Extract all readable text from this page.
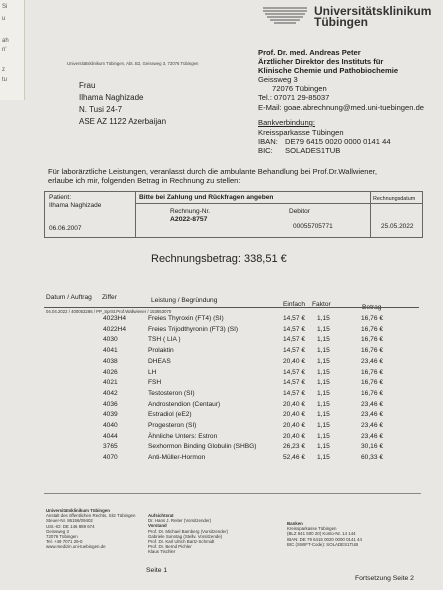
Si
u
ah
n'
z
tu
Universitätsklinikum
Tübingen
Universitätsklinikum Tübingen, Abt. B2, Geissweg 3, 72076 Tübingen
Frau
Ilhama Naghizade
N. Tusi 24-7
ASE AZ 1122 Azerbaijan
Prof. Dr. med. Andreas Peter
Ärztlicher Direktor des Instituts für
Klinische Chemie und Pathobiochemie
Geissweg 3
72076 Tübingen
Tel.: 07071 29-85037
E-Mail: goae.abrechnung@med.uni-tuebingen.de
Bankverbindung:
Kreissparkasse Tübingen
IBAN: DE79 6415 0020 0000 0141 44
BIC: SOLADES1TUB
Für laborärztliche Leistungen, veranlasst durch die ambulante Behandlung bei Prof.Dr.Wallwiener,
erlaube ich mir, folgenden Betrag in Rechnung zu stellen:
Patient:
Ilhama Naghizade
06.06.2007
Bitte bei Zahlung und Rückfragen angeben
Rechnung-Nr.
A2022-8757
Debitor
00055705771
Rechnungsdatum
25.05.2022
Rechnungsbetrag: 338,51 €
Datum / Auftrag Ziffer	Leistung / Begründung
Einfach Faktor	Betrag
04.04.2022 / 400053286 / PP_SprSt.Prof.Wallwiener / 153653070
4023H4	Freies Thyroxin (FT4) (SI)	14,57 € 1,15	16,76 €
4022H4	Freies Trijodthyronin (FT3) (SI)	14,57 € 1,15	16,76 €
4030	TSH ( LIA )	14,57 € 1,15	16,76 €
4041	Prolaktin	14,57 € 1,15	16,76 €
4038	DHEAS	20,40 € 1,15	23,46 €
4026	LH	14,57 € 1,15	16,76 €
4021	FSH	14,57 € 1,15	16,76 €
4042	Testosteron (SI)	14,57 € 1,15	16,76 €
4036	Androstendion (Centaur)	20,40 € 1,15	23,46 €
4039	Estradiol (eE2)	20,40 € 1,15	23,46 €
4040	Progesteron (SI)	20,40 € 1,15	23,46 €
4044	Ähnliche Unters: Estron	20,40 € 1,15	23,46 €
3765	Sexhormon Binding Globulin (SHBG)	26,23 € 1,15	30,16 €
4070	Anti-Müller-Hormon	52,46 € 1,15	60,33 €
Universitätsklinikum Tübingen
Anstalt des öffentlichen Rechts, Sitz Tübingen
Steuer-Nr. 86156/09402
USt.-ID: DE 146 889 674
Geissweg 3
72076 Tübingen
Tel. +49 7071 29-0
www.medizin.uni-tuebingen.de
Aufsichtsrat
Dr. Hans J. Reiter (Vorsitzender)
Vorstand
Prof. Dr. Michael Bamberg (Vorsitzender)
Gabriele Sonntag (Stellv. Vorsitzende)
Prof. Dr. Karl Ulrich Bartz-Schmidt
Prof. Dr. Bernd Pichler
Klaus Tischler
Banken
Kreissparkasse Tübingen
(BLZ 641 500 20) Konto-Nr. 14 144
IBAN: DE 79 6415 0020 0000 0141 44
BIC (SWIFT-Code): SOLADES1TUB
Seite 1
Fortsetzung Seite 2
